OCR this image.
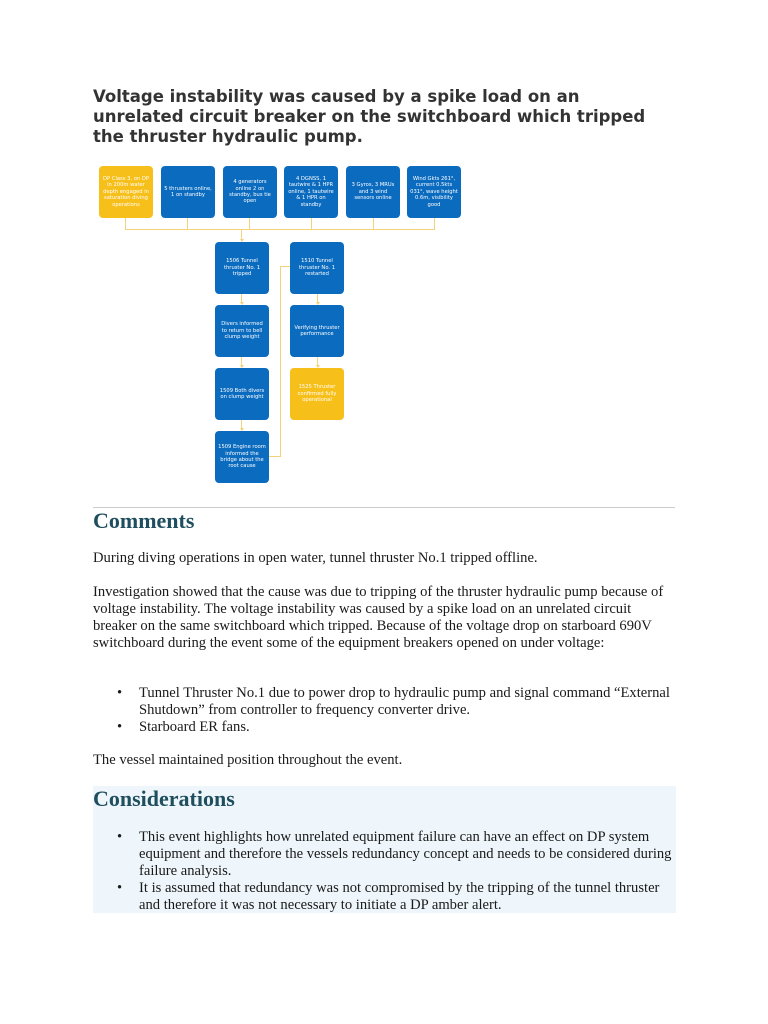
Voltage instability was caused by a spike load on an unrelated circuit breaker on the switchboard which tripped the thruster hydraulic pump.
DP Class 3, on DP in 200m water depth engaged in saturation diving operations
5 thrusters online, 1 on standby
4 generators online 2 on standby, bus tie open
4 DGNSS, 1 tautwire & 1 HPR online, 1 tautwire & 1 HPR on standby
3 Gyros, 3 MRUs and 3 wind sensors online
Wind Gkts 261°, current 0.5kts 031°, wave height 0.6m, visibility good
1506 Tunnel thruster No. 1 tripped
Divers informed to return to bell clump weight
1509 Both divers on clump weight
1509 Engine room informed the bridge about the root cause
1510 Tunnel thruster No. 1 restarted
Verifying thruster performance
1525 Thruster confirmed fully operational
Comments

During diving operations in open water, tunnel thruster No.1 tripped offline.

Investigation showed that the cause was due to tripping of the thruster hydraulic pump because of voltage instability. The voltage instability was caused by a spike load on an unrelated circuit breaker on the same switchboard which tripped. Because of the voltage drop on starboard 690V switchboard during the event some of the equipment breakers opened on under voltage:

• Tunnel Thruster No.1 due to power drop to hydraulic pump and signal command “External Shutdown” from controller to frequency converter drive.
• Starboard ER fans.

The vessel maintained position throughout the event.

Considerations
• This event highlights how unrelated equipment failure can have an effect on DP system equipment and therefore the vessels redundancy concept and needs to be considered during failure analysis.
• It is assumed that redundancy was not compromised by the tripping of the tunnel thruster and therefore it was not necessary to initiate a DP amber alert.
